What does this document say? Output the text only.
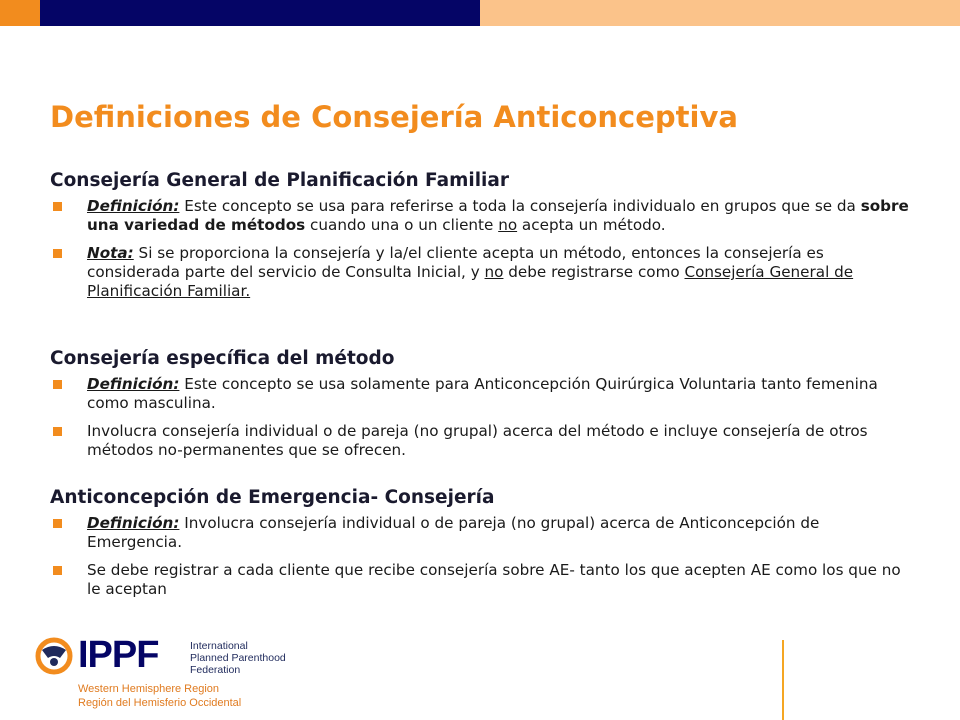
Definiciones de Consejería Anticonceptiva
Consejería General de Planificación Familiar
Definición: Este concepto se usa para referirse a toda la consejería individualo en grupos que se da sobre una variedad de métodos cuando una o un cliente no acepta un método.
Nota: Si se proporciona la consejería y la/el cliente acepta un método, entonces la consejería es considerada parte del servicio de Consulta Inicial, y no debe registrarse como Consejería General de Planificación Familiar.
Consejería específica del método
Definición: Este concepto se usa solamente para Anticoncepción Quirúrgica Voluntaria tanto femenina como masculina.
Involucra consejería individual o de pareja (no grupal) acerca del método e incluye consejería de otros métodos no-permanentes que se ofrecen.
Anticoncepción de Emergencia- Consejería
Definición: Involucra consejería individual o de pareja (no grupal) acerca de Anticoncepción de Emergencia.
Se debe registrar a cada cliente que recibe consejería sobre AE- tanto los que acepten AE como los que no le aceptan
IPPF	International
Planned Parenthood
Federation
Western Hemisphere Region
Región del Hemisferio Occidental
